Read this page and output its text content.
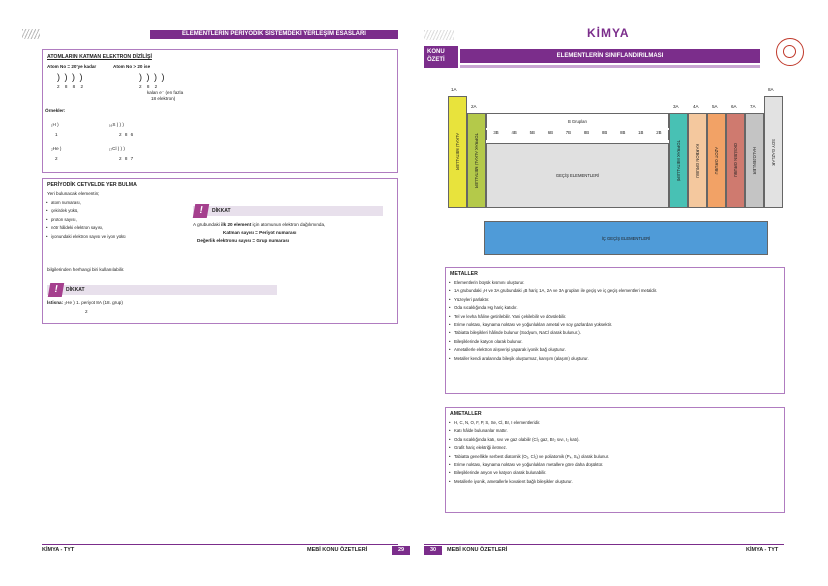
ELEMENTLERİN PERİYODİK SİSTEMDEKİ YERLEŞİM ESASLARI	KİMYA
KONU
ÖZETİ
ELEMENTLERİN SINIFLANDIRILMASI
ATOMLARIN KATMAN ELEKTRON DİZİLİŞİ
Atom No = 20'ye kadar	Atom No > 20 ise
) ) ) )
2 8 8 2
) ) ) )
2 8 2
kalan e⁻ (en fazla
18 elektron)
Örnekler:
₁H )
1
₁₆S ) ) )
2 8 6
₂He )
2
₁₇Cl ) ) )
2 8 7
PERİYODİK CETVELDE YER BULMA
Yeri bulunacak elementin;
• atom numarası,
• çekirdek yükü,
• proton sayısı,
• nötr hâldeki elektron sayısı,
• iyonundaki elektron sayısı ve iyon yükü
bilgilerinden herhangi biri kullanılabilir.
DİKKAT
!
A grubundaki ilk 20 element için atomunun elektron dağılımında,
Katman sayısı = Periyot numarası
Değerlik elektronu sayısı = Grup numarası
DİKKAT
!
İstisna: ₂He ) 1. periyot 8A (18. grup)
2
1A
2A	3A	4A	5A	6A	7A
8A
ALKALİ METALLER	TOPRAK ALKALİ METALLER
B Grupları
3B	4B	5B	6B	7B	8B	8B	8B	1B	2B
GEÇİŞ ELEMENTLERİ	TOPRAK METALLERİ	KARBON GRUBU	AZOT GRUBU	OKSİJEN GRUBU	HALOJENLER	SOY GAZLAR
İÇ GEÇİŞ ELEMENTLERİ
METALLER
• Elementlerin büyük kısmını oluşturur.
• 1A grubundaki ₁H ve 3A grubundaki ₅B hariç 1A, 2A ve 3A grupları ile geçiş ve iç geçiş elementleri metaldir.
• Yüzeyleri parlaktır.
• Oda sıcaklığında Hg hariç katıdır.
• Tel ve levha hâline getirilebilir. Yani çekilebilir ve dövülebilir.
• Erime noktası, kaynama noktası ve yoğunlukları ametal ve soy gazlardan yüksektir.
• Tabiatta bileşikleri hâlinde bulunur (Sodyum, NaCl olarak bulunur.).
• Bileşiklerinde katyon olarak bulunur.
• Ametallerle elektron alışverişi yaparak iyonik bağ oluşturur.
• Metaller kendi aralarında bileşik oluşturmaz, karışım (alaşım) oluşturur.
AMETALLER
• H, C, N, O, F, P, S, Se, Cl, Br, I elementleridir.
• Katı hâlde bulunanlar mattır.
• Oda sıcaklığında katı, sıvı ve gaz olabilir (Cl₂ gaz, Br₂ sıvı, I₂ katı).
• Grafit hariç elektriği iletmez.
• Tabiatta genellikle serbest diatomik (O₂, Cl₂) ve poliatomik (P₄, S₈) olarak bulunur.
• Erime noktası, kaynama noktası ve yoğunlukları metallere göre daha düşüktür.
• Bileşiklerinde anyon ve katyon olarak bulunabilir.
• Metallerle iyonik, ametallerle kovalent bağlı bileşikler oluşturur.
KİMYA - TYT	MEBİ KONU ÖZETLERİ	29	30	MEBİ KONU ÖZETLERİ	KİMYA - TYT
